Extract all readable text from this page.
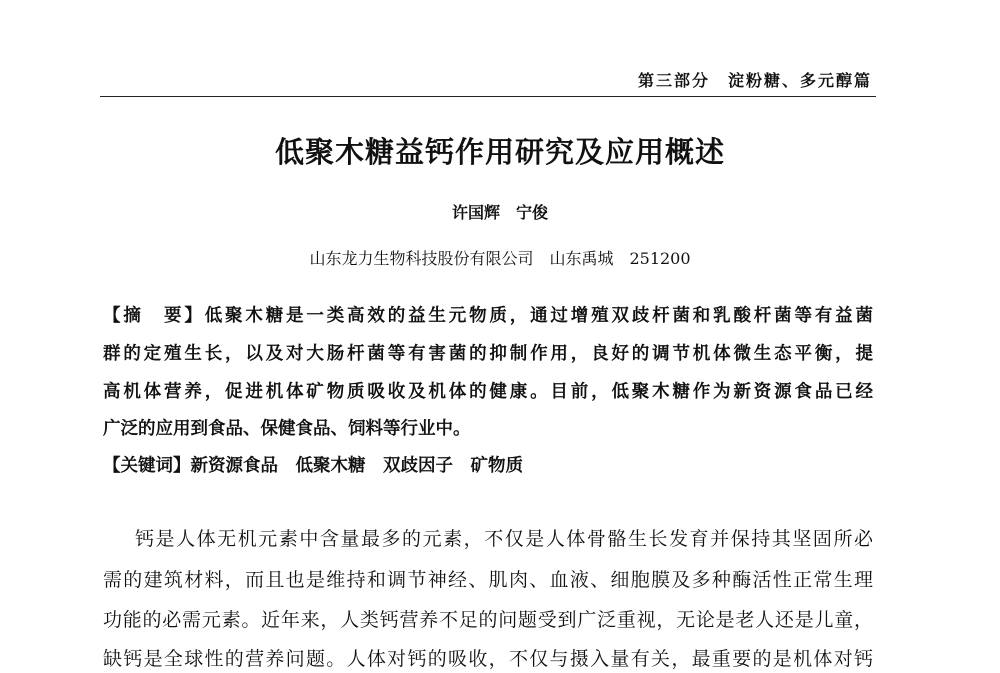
第三部分　淀粉糖、多元醇篇
低聚木糖益钙作用研究及应用概述
许国辉　宁俊
山东龙力生物科技股份有限公司　山东禹城　251200
【摘　要】低聚木糖是一类高效的益生元物质，通过增殖双歧杆菌和乳酸杆菌等有益菌
群的定殖生长，以及对大肠杆菌等有害菌的抑制作用，良好的调节机体微生态平衡，提
高机体营养，促进机体矿物质吸收及机体的健康。目前，低聚木糖作为新资源食品已经
广泛的应用到食品、保健食品、饲料等行业中。
【关键词】新资源食品　低聚木糖　双歧因子　矿物质
钙是人体无机元素中含量最多的元素，不仅是人体骨骼生长发育并保持其坚固所必
需的建筑材料，而且也是维持和调节神经、肌肉、血液、细胞膜及多种酶活性正常生理
功能的必需元素。近年来，人类钙营养不足的问题受到广泛重视，无论是老人还是儿童，
缺钙是全球性的营养问题。人体对钙的吸收，不仅与摄入量有关，最重要的是机体对钙
